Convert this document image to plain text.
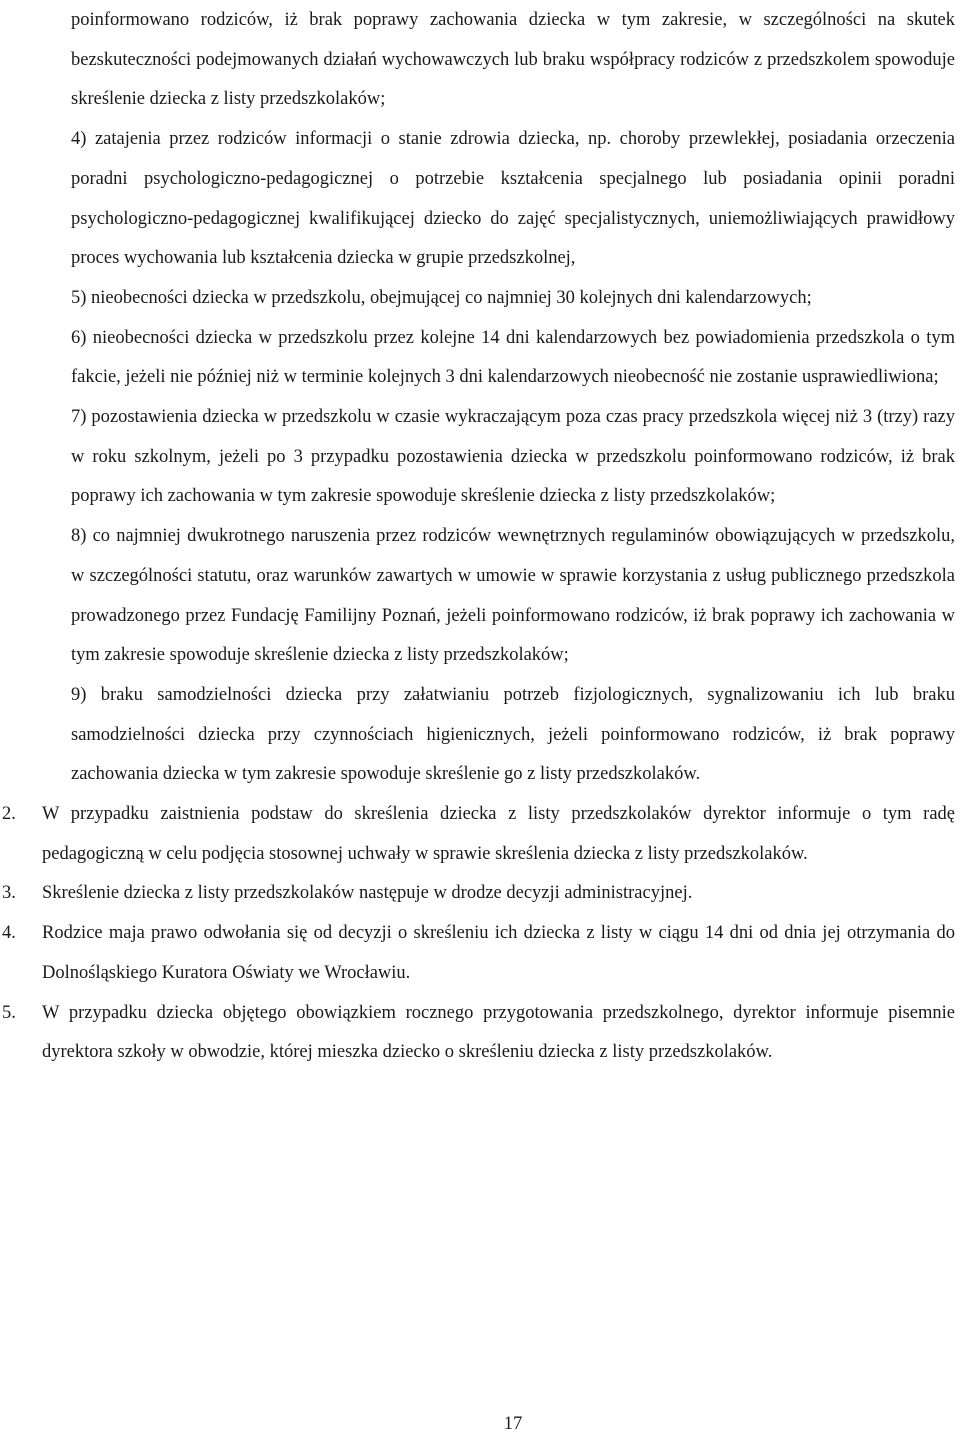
poinformowano rodziców, iż brak poprawy zachowania dziecka w tym zakresie, w szczególności na skutek bezskuteczności podejmowanych działań wychowawczych lub braku współpracy rodziców z przedszkolem spowoduje skreślenie dziecka z listy przedszkolaków;

4) zatajenia przez rodziców informacji o stanie zdrowia dziecka, np. choroby przewlekłej, posiadania orzeczenia poradni psychologiczno-pedagogicznej o potrzebie kształcenia specjalnego lub posiadania opinii poradni psychologiczno-pedagogicznej kwalifikującej dziecko do zajęć specjalistycznych, uniemożliwiających prawidłowy proces wychowania lub kształcenia dziecka w grupie przedszkolnej,

5) nieobecności dziecka w przedszkolu, obejmującej co najmniej 30 kolejnych dni kalendarzowych;

6) nieobecności dziecka w przedszkolu przez kolejne 14 dni kalendarzowych bez powiadomienia przedszkola o tym fakcie, jeżeli nie później niż w terminie kolejnych 3 dni kalendarzowych nieobecność nie zostanie usprawiedliwiona;

7) pozostawienia dziecka w przedszkolu w czasie wykraczającym poza czas pracy przedszkola więcej niż 3 (trzy) razy w roku szkolnym, jeżeli po 3 przypadku pozostawienia dziecka w przedszkolu poinformowano rodziców, iż brak poprawy ich zachowania w tym zakresie spowoduje skreślenie dziecka z listy przedszkolaków;

8) co najmniej dwukrotnego naruszenia przez rodziców wewnętrznych regulaminów obowiązujących w przedszkolu, w szczególności statutu, oraz warunków zawartych w umowie w sprawie korzystania z usług publicznego przedszkola prowadzonego przez Fundację Familijny Poznań, jeżeli poinformowano rodziców, iż brak poprawy ich zachowania w tym zakresie spowoduje skreślenie dziecka z listy przedszkolaków;

9) braku samodzielności dziecka przy załatwianiu potrzeb fizjologicznych, sygnalizowaniu ich lub braku samodzielności dziecka przy czynnościach higienicznych, jeżeli poinformowano rodziców, iż brak poprawy zachowania dziecka w tym zakresie spowoduje skreślenie go z listy przedszkolaków.

2. W przypadku zaistnienia podstaw do skreślenia dziecka z listy przedszkolaków dyrektor informuje o tym radę pedagogiczną w celu podjęcia stosownej uchwały w sprawie skreślenia dziecka z listy przedszkolaków.
3. Skreślenie dziecka z listy przedszkolaków następuje w drodze decyzji administracyjnej.
4. Rodzice maja prawo odwołania się od decyzji o skreśleniu ich dziecka z listy w ciągu 14 dni od dnia jej otrzymania do Dolnośląskiego Kuratora Oświaty we Wrocławiu.
5. W przypadku dziecka objętego obowiązkiem rocznego przygotowania przedszkolnego, dyrektor informuje pisemnie dyrektora szkoły w obwodzie, której mieszka dziecko o skreśleniu dziecka z listy przedszkolaków.
17
